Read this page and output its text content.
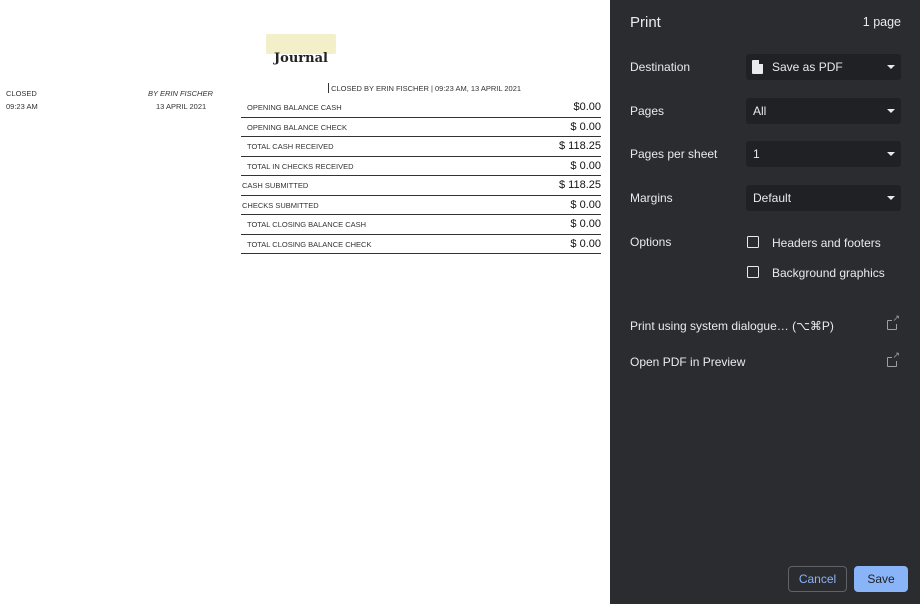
Journal
CLOSED
09:23 AM
BY ERIN FISCHER
13 APRIL 2021
CLOSED BY ERIN FISCHER | 09:23 AM, 13 APRIL 2021
OPENING BALANCE CASH	$0.00
OPENING BALANCE CHECK	$ 0.00
TOTAL CASH RECEIVED	$ 118.25
TOTAL IN CHECKS RECEIVED	$ 0.00
CASH SUBMITTED	$ 118.25
CHECKS SUBMITTED	$ 0.00
TOTAL CLOSING BALANCE CASH	$ 0.00
TOTAL CLOSING BALANCE CHECK	$ 0.00
Print	1 page
Destination	Save as PDF
Pages	All
Pages per sheet	1
Margins	Default
Options	Headers and footers
Background graphics
Print using system dialogue… (⌥⌘P)
↗
Open PDF in Preview
↗
Cancel	Save
